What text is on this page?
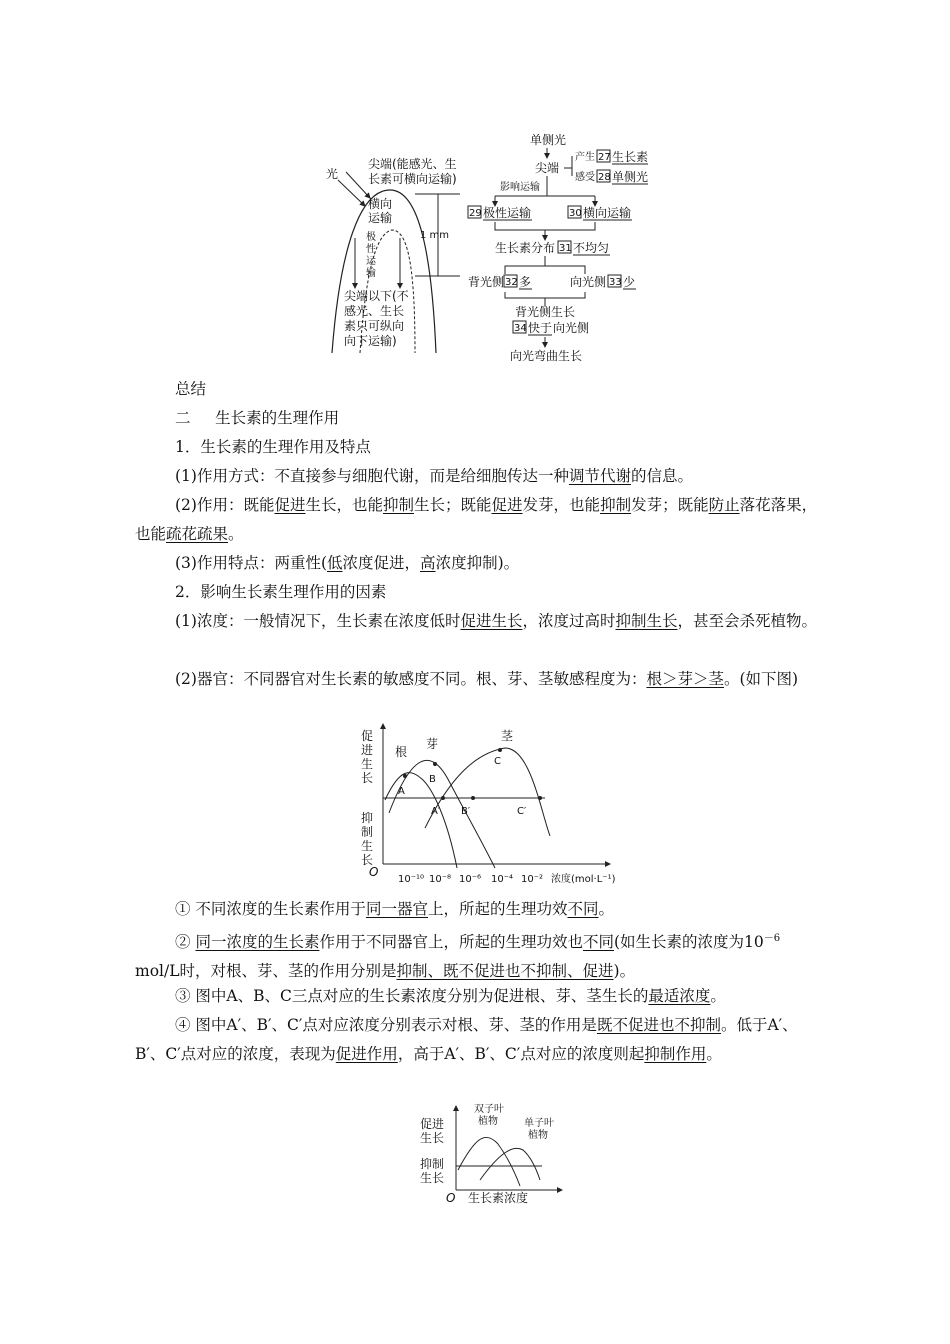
光
尖端(能感光、生
长素可横向运输)
横向
运输
极
性
运
输
尖端以下(不
感光、生长
素只可纵向
向下运输)
1 mm
单侧光
尖端
产生 27 生长素
感受 28 单侧光
影响运输
29 极性运输	30 横向运输
生长素分布 31 不均匀
背光侧 32 多	向光侧 33 少
背光侧生长
34 快于 向光侧
向光弯曲生长
总结
二 生长素的生理作用
1．生长素的生理作用及特点
(1)作用方式：不直接参与细胞代谢，而是给细胞传达一种调节代谢的信息。
(2)作用：既能促进生长，也能抑制生长；既能促进发芽，也能抑制发芽；既能防止落花落果，也能疏花疏果。
(3)作用特点：两重性(低浓度促进，高浓度抑制)。
2．影响生长素生理作用的因素
(1)浓度：一般情况下，生长素在浓度低时促进生长，浓度过高时抑制生长，甚至会杀死植物。
(2)器官：不同器官对生长素的敏感度不同。根、芽、茎敏感程度为：根＞芽＞茎。(如下图)
促进生长
抑制生长
O
根
芽
茎
A
B
C
A′ B′	C′
10⁻¹⁰ 10⁻⁸ 10⁻⁶ 10⁻⁴ 10⁻² 浓度(mol·L⁻¹)
① 不同浓度的生长素作用于同一器官上，所起的生理功效不同。
② 同一浓度的生长素作用于不同器官上，所起的生理功效也不同(如生长素的浓度为$10^{-6}$ mol/L时，对根、芽、茎的作用分别是抑制、既不促进也不抑制、促进)。
③ 图中A、B、C三点对应的生长素浓度分别为促进根、芽、茎生长的最适浓度。
④ 图中A′、B′、C′点对应浓度分别表示对根、芽、茎的作用是既不促进也不抑制。低于A′、B′、C′点对应的浓度，表现为促进作用，高于A′、B′、C′点对应的浓度则起抑制作用。
促进
生长
抑制
生长
O 生长素浓度
双子叶
植物	单子叶
植物
